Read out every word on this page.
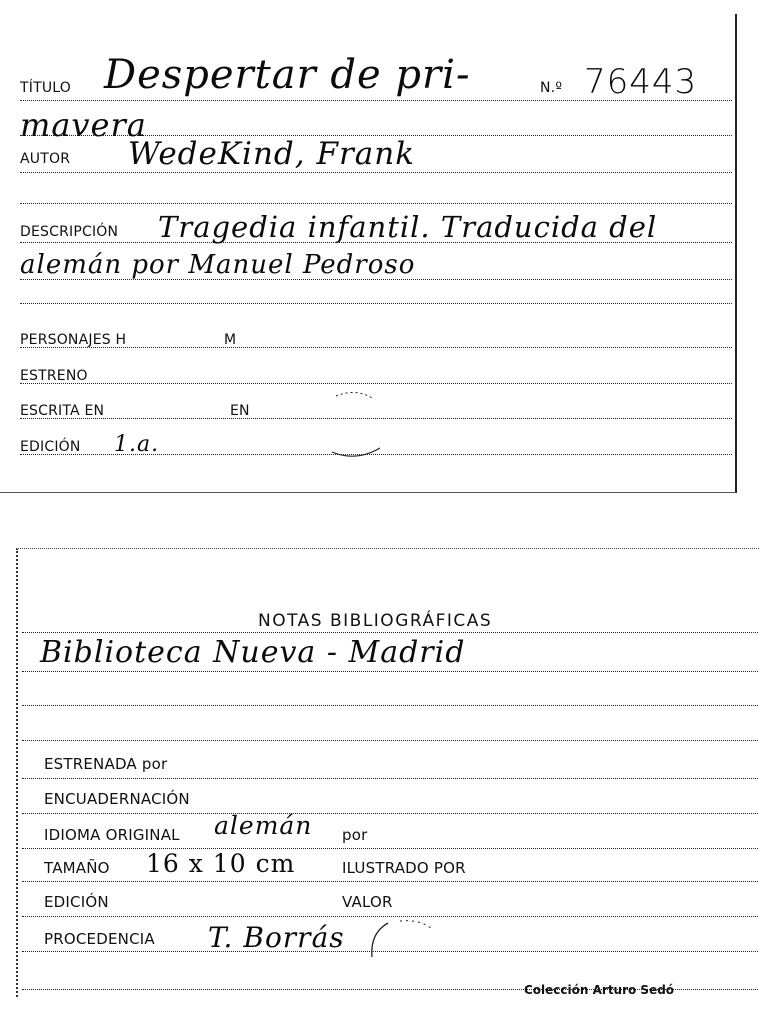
TÍTULO Despertar de pri-	N.º 76443
mavera
AUTOR WedeKind, Frank
DESCRIPCIÓN Tragedia infantil. Traducida del
alemán por Manuel Pedroso
PERSONAJES H	M
ESTRENO
ESCRITA EN	EN
EDICIÓN 1.a.
NOTAS BIBLIOGRÁFICAS
Biblioteca Nueva - Madrid
ESTRENADA por
ENCUADERNACIÓN
IDIOMA ORIGINAL alemán por
TAMAÑO 16 x 10 cm	ILUSTRADO POR
EDICIÓN	VALOR
PROCEDENCIA T. Borrás
Colección Arturo Sedó
